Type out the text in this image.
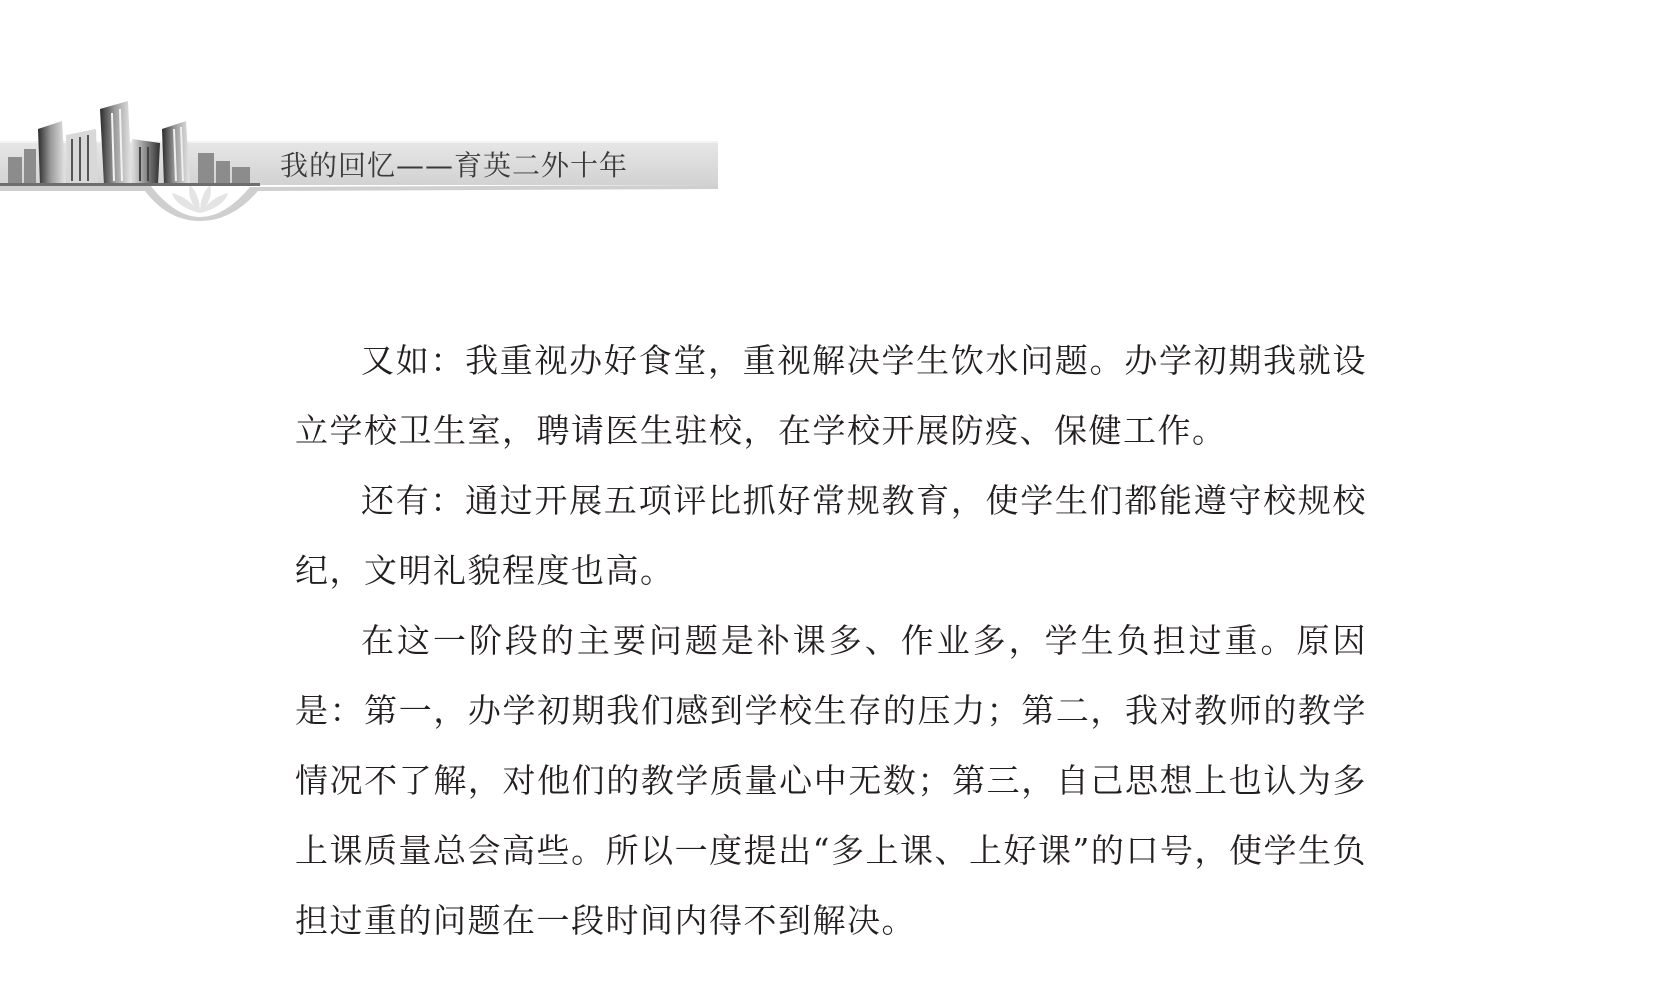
我的回忆——育英二外十年

又如：我重视办好食堂，重视解决学生饮水问题。办学初期我就设立学校卫生室，聘请医生驻校，在学校开展防疫、保健工作。

还有：通过开展五项评比抓好常规教育，使学生们都能遵守校规校纪，文明礼貌程度也高。

在这一阶段的主要问题是补课多、作业多，学生负担过重。原因是：第一，办学初期我们感到学校生存的压力；第二，我对教师的教学情况不了解，对他们的教学质量心中无数；第三，自己思想上也认为多上课质量总会高些。所以一度提出“多上课、上好课”的口号，使学生负担过重的问题在一段时间内得不到解决。
